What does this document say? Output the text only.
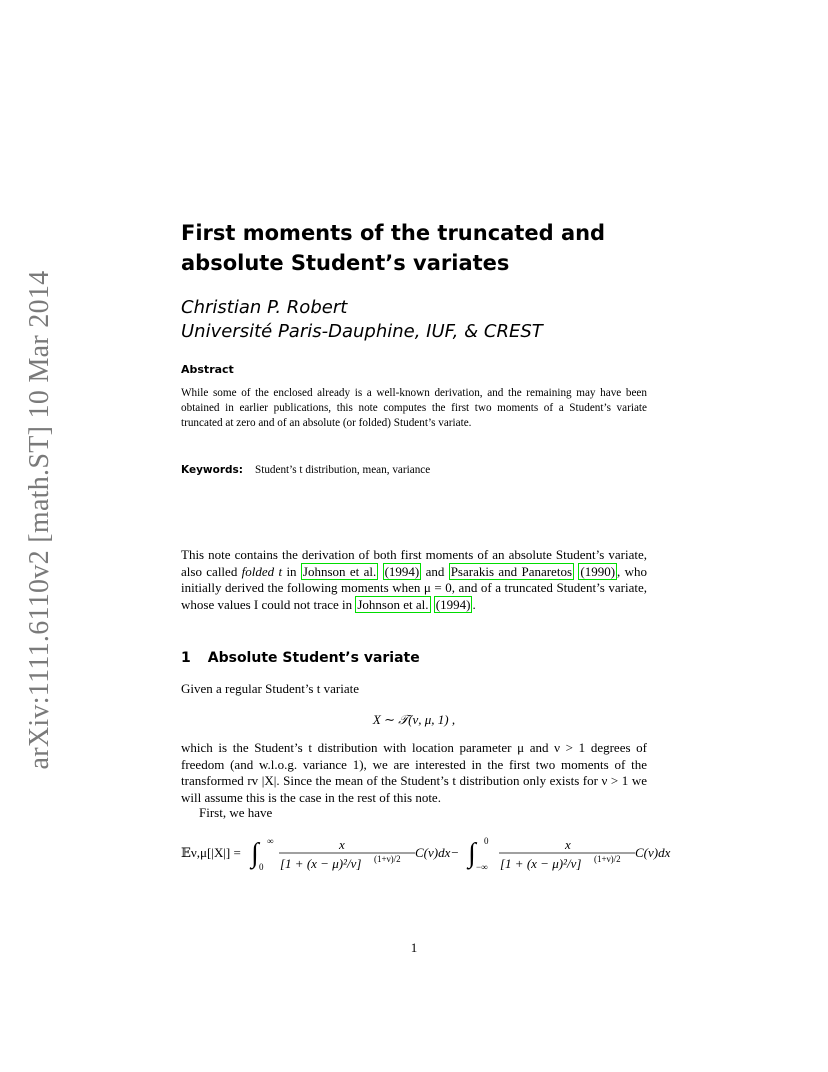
arXiv:1111.6110v2 [math.ST] 10 Mar 2014
First moments of the truncated and
absolute Student’s variates
Christian P. Robert
Université Paris-Dauphine, IUF, & CREST
Abstract
While some of the enclosed already is a well-known derivation, and the remaining may have been obtained in earlier publications, this note computes the first two moments of a Student’s variate truncated at zero and of an absolute (or folded) Student’s variate.
Keywords: Student’s t distribution, mean, variance
This note contains the derivation of both first moments of an absolute Student’s variate, also called folded t in Johnson et al. (1994) and Psarakis and Panaretos (1990) , who initially derived the following moments when μ = 0, and of a truncated Student’s variate, whose values I could not trace in Johnson et al. (1994) .
1 Absolute Student’s variate
Given a regular Student’s t variate
X ∼ 𝒯(ν, μ, 1) ,
which is the Student’s t distribution with location parameter μ and ν > 1 degrees of freedom (and w.l.o.g. variance 1), we are interested in the first two moments of the transformed rv |X|. Since the mean of the Student’s t distribution only exists for ν > 1 we will assume this is the case in the rest of this note.
First, we have
𝔼ν,μ[|X|] = ∫ ∞
0
x
[1 + (x − μ)²/ν] (1+ν)/2 C(ν)dx− ∫ 0
−∞
x
[1 + (x − μ)²/ν] (1+ν)/2 C(ν)dx
1
